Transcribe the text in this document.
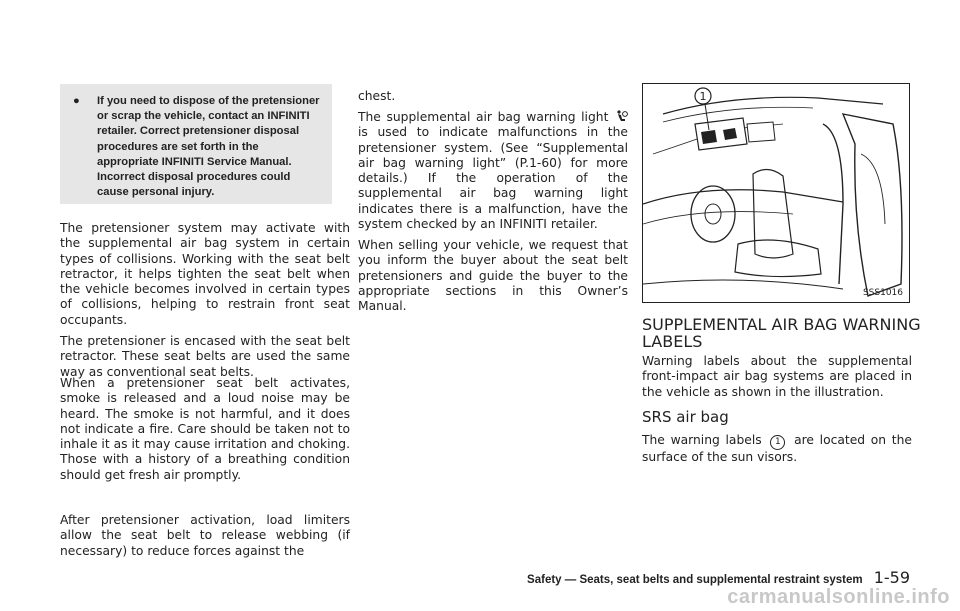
●	If you need to dispose of the pretensioner or scrap the vehicle, contact an INFINITI retailer. Correct pretensioner disposal procedures are set forth in the appropriate INFINITI Service Manual. Incorrect disposal procedures could cause personal injury.

The pretensioner system may activate with the supplemental air bag system in certain types of collisions. Working with the seat belt retractor, it helps tighten the seat belt when the vehicle becomes involved in certain types of collisions, helping to restrain front seat occupants.

The pretensioner is encased with the seat belt retractor. These seat belts are used the same way as conventional seat belts.

When a pretensioner seat belt activates, smoke is released and a loud noise may be heard. The smoke is not harmful, and it does not indicate a fire. Care should be taken not to inhale it as it may cause irritation and choking. Those with a history of a breathing condition should get fresh air promptly.

After pretensioner activation, load limiters allow the seat belt to release webbing (if necessary) to reduce forces against the

chest.

The supplemental air bag warning light  is used to indicate malfunctions in the pretensioner system. (See “Supplemental air bag warning light” (P.1-60) for more details.) If the operation of the supplemental air bag warning light indicates there is a malfunction, have the system checked by an INFINITI retailer.

When selling your vehicle, we request that you inform the buyer about the seat belt pretensioners and guide the buyer to the appropriate sections in this Owner’s Manual.

1
SSS1016
SUPPLEMENTAL AIR BAG WARNING LABELS

Warning labels about the supplemental front-impact air bag systems are placed in the vehicle as shown in the illustration.

SRS air bag

The warning labels 1 are located on the surface of the sun visors.

Safety — Seats, seat belts and supplemental restraint system 1-59
carmanualsonline.info
